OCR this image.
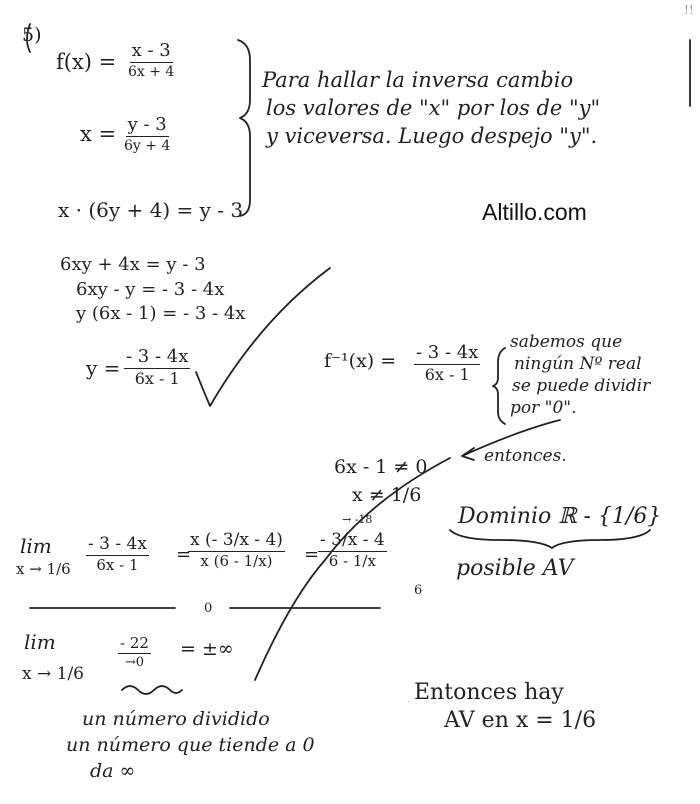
5)
!!
f(x) = x - 3
6x + 4
x = y - 3
6y + 4
x · (6y + 4) = y - 3
Para hallar la inversa cambio
los valores de "x" por los de "y"
y viceversa. Luego despejo "y".
Altillo.com
6xy + 4x = y - 3
6xy - y = - 3 - 4x
y (6x - 1) = - 3 - 4x
$y = \frac{- 3 - 4x}{6x - 1}$	$f^{-1}(x) = \frac{- 3 - 4x}{6x - 1}$
sabemos que
ningún Nº real
se puede dividir
por "0".
entonces.
6x - 1 ≠ 0
x ≠ 1/6
Dominio ℝ - {1/6}
posible AV
lim
$x \to 1/6 \frac{- 3 - 4x}{6x - 1}$ =
$\frac{x (- 3/x - 4)}{x (6 - 1/x)}$ =
$\frac{- 3/x - 4}{6 - 1/x}$
→ -18
6
0
lim
x → 1/6
$\frac{- 22}{\to 0}$ = ±∞
un número dividido
un número que tiende a 0
da ∞
Entonces hay
AV en x = 1/6
